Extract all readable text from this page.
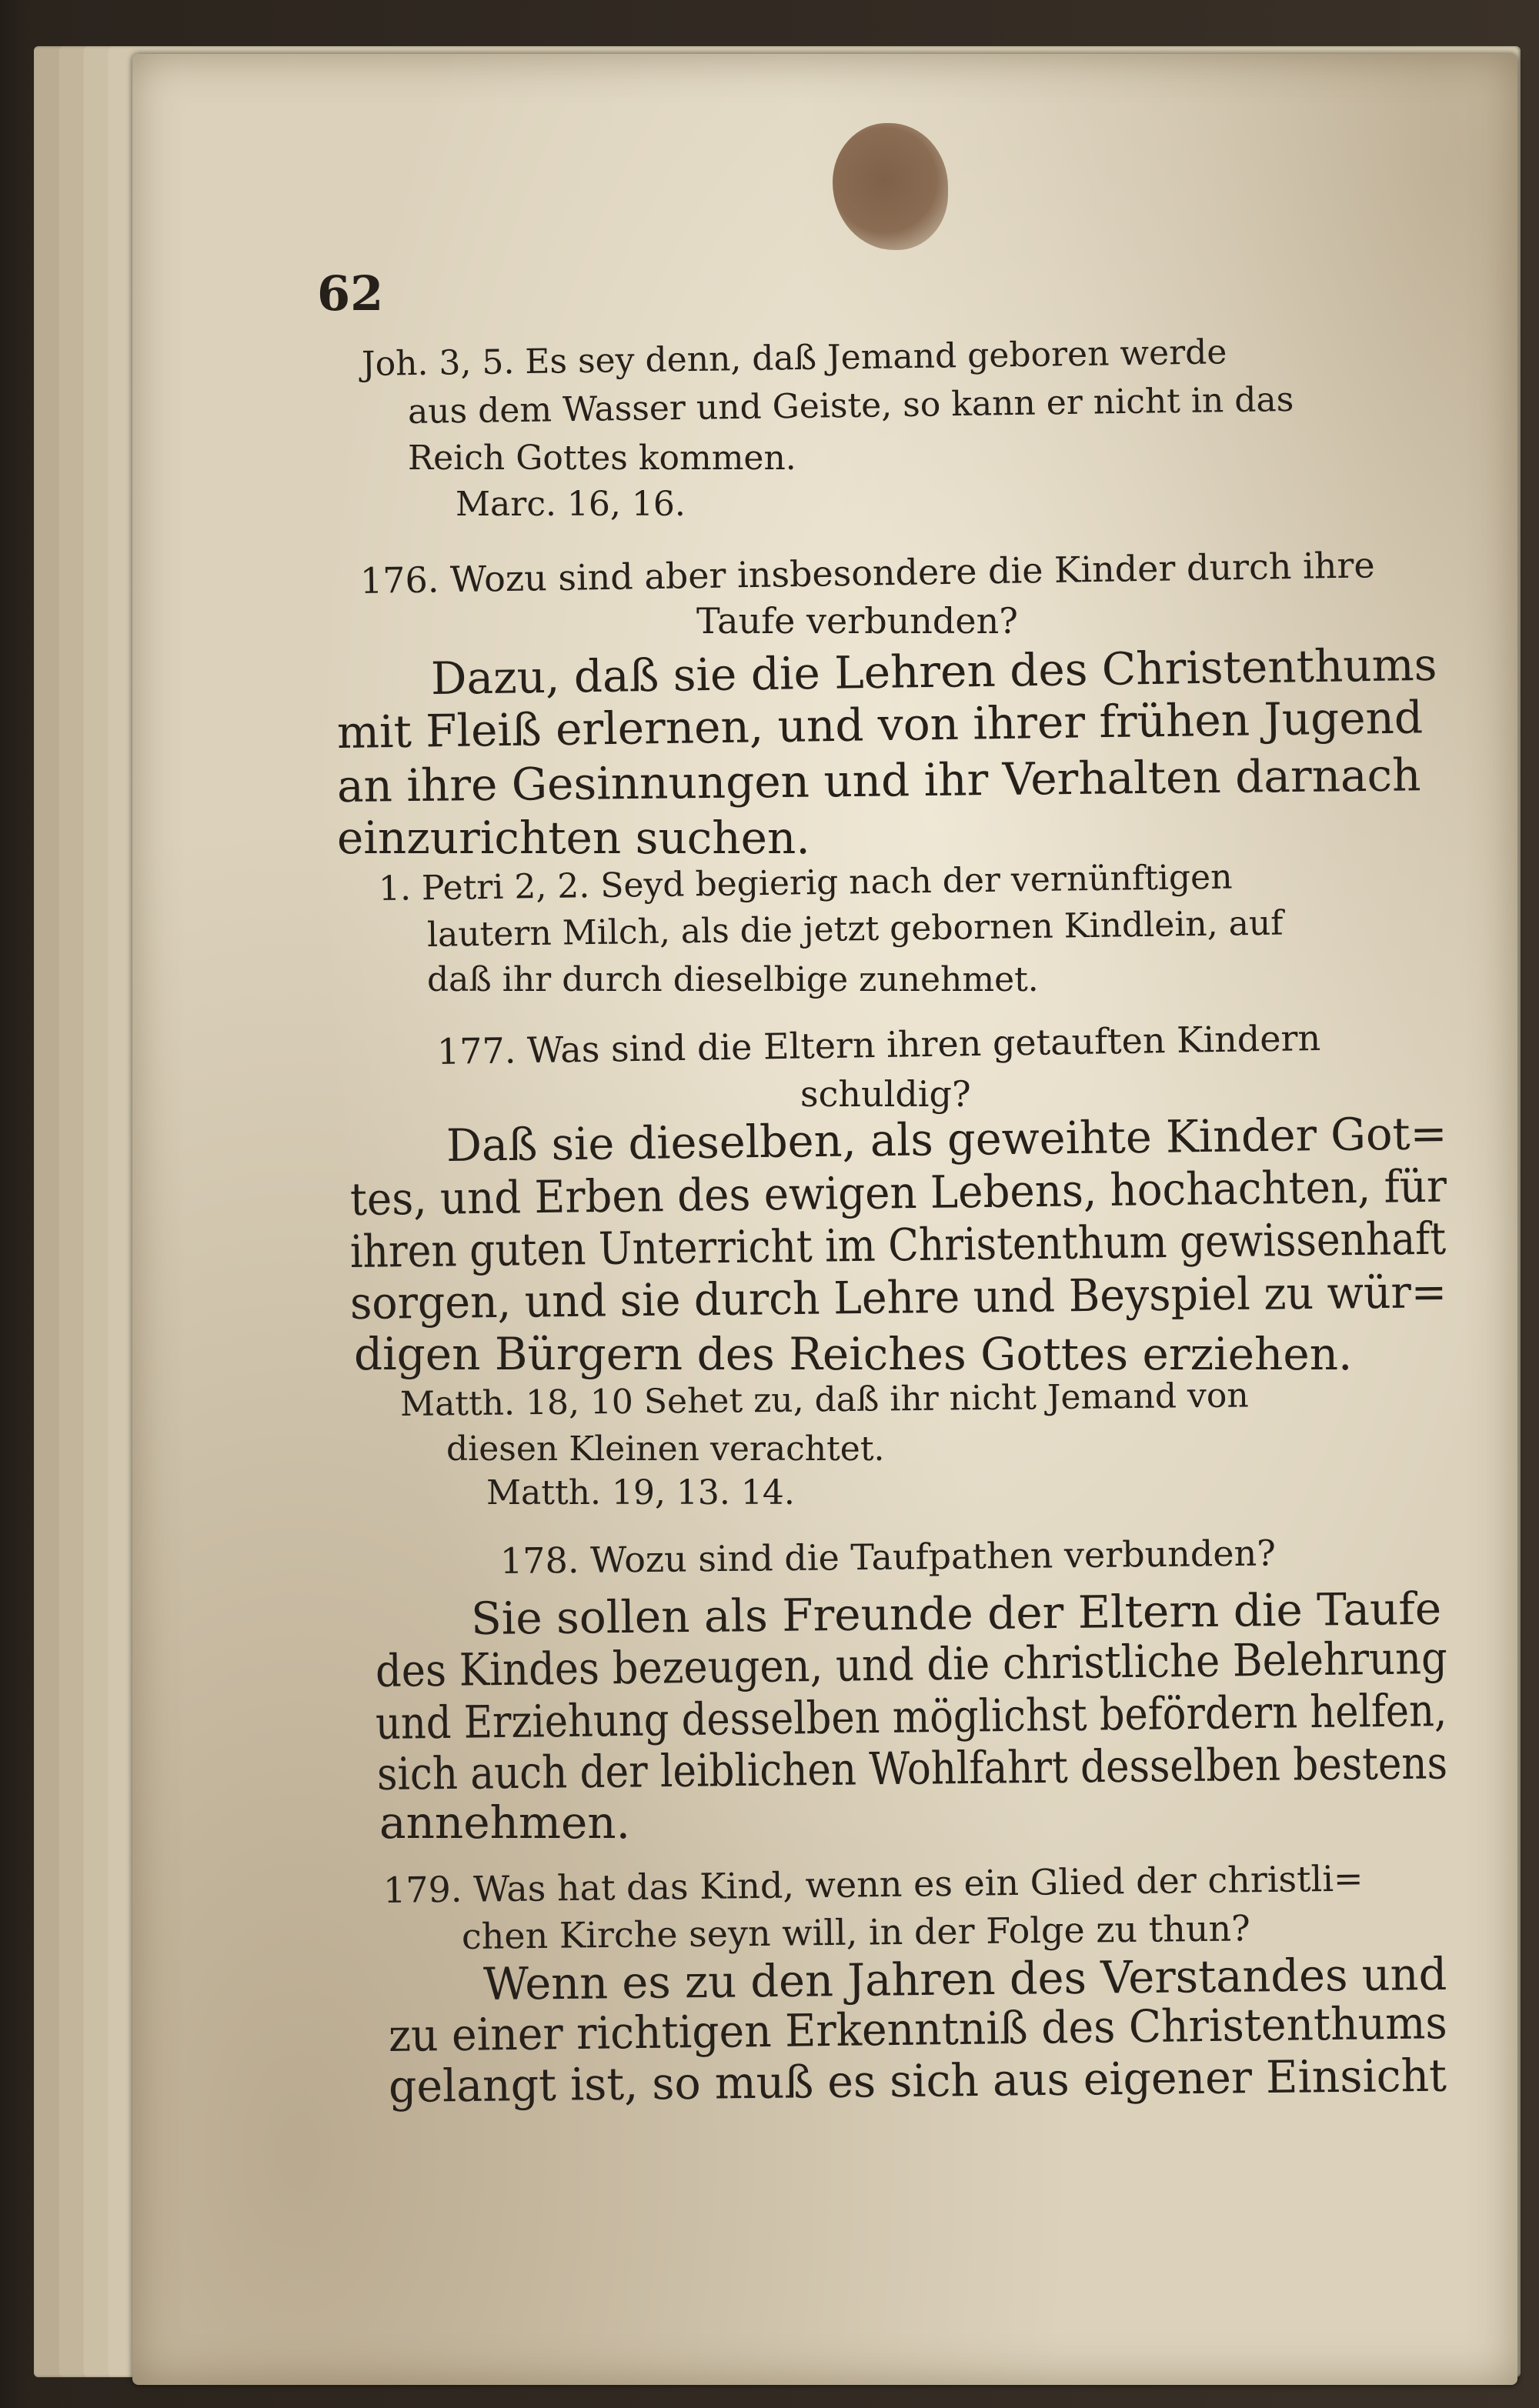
62
Joh. 3, 5. Es sey denn, daß Jemand geboren werde
aus dem Wasser und Geiste, so kann er nicht in das
Reich Gottes kommen.
Marc. 16, 16.
176. Wozu sind aber insbesondere die Kinder durch ihre
Taufe verbunden?
Dazu, daß sie die Lehren des Christenthums
mit Fleiß erlernen, und von ihrer frühen Jugend
an ihre Gesinnungen und ihr Verhalten darnach
einzurichten suchen.
1. Petri 2, 2. Seyd begierig nach der vernünftigen
lautern Milch, als die jetzt gebornen Kindlein, auf
daß ihr durch dieselbige zunehmet.
177. Was sind die Eltern ihren getauften Kindern
schuldig?
Daß sie dieselben, als geweihte Kinder Got=
tes, und Erben des ewigen Lebens, hochachten, für
ihren guten Unterricht im Christenthum gewissenhaft
sorgen, und sie durch Lehre und Beyspiel zu wür=
digen Bürgern des Reiches Gottes erziehen.
Matth. 18, 10 Sehet zu, daß ihr nicht Jemand von
diesen Kleinen verachtet.
Matth. 19, 13. 14.
178. Wozu sind die Taufpathen verbunden?
Sie sollen als Freunde der Eltern die Taufe
des Kindes bezeugen, und die christliche Belehrung
und Erziehung desselben möglichst befördern helfen,
sich auch der leiblichen Wohlfahrt desselben bestens
annehmen.
179. Was hat das Kind, wenn es ein Glied der christli=
chen Kirche seyn will, in der Folge zu thun?
Wenn es zu den Jahren des Verstandes und
zu einer richtigen Erkenntniß des Christenthums
gelangt ist, so muß es sich aus eigener Einsicht
